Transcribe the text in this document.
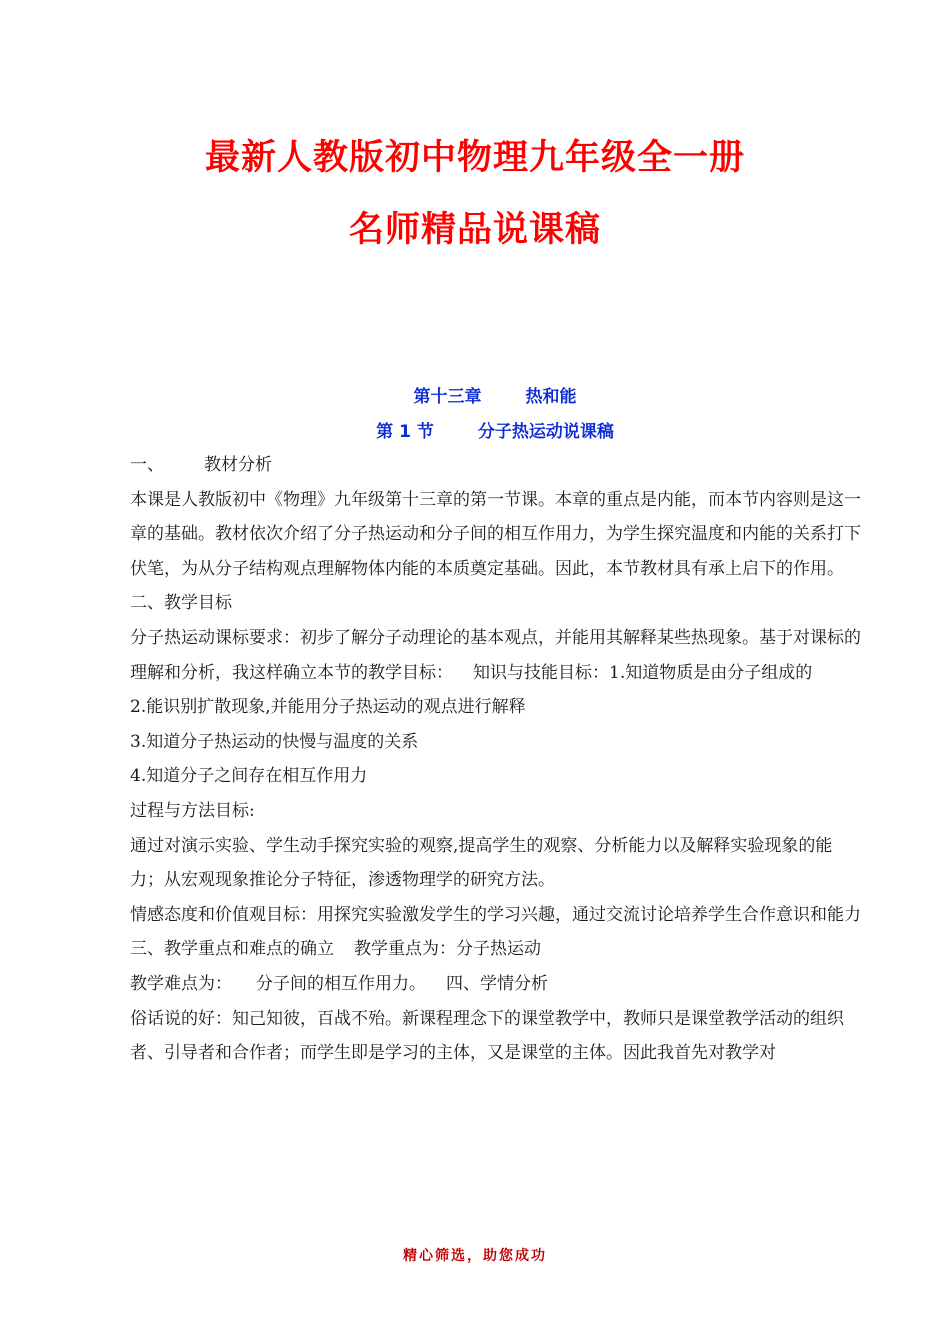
最新人教版初中物理九年级全一册
名师精品说课稿
第十三章	热和能
第 1 节	分子热运动说课稿

一、 教材分析

本课是人教版初中《物理》九年级第十三章的第一节课。本章的重点是内能，而本节内容则是这一章的基础。教材依次介绍了分子热运动和分子间的相互作用力，为学生探究温度和内能的关系打下伏笔，为从分子结构观点理解物体内能的本质奠定基础。因此，本节教材具有承上启下的作用。

二、教学目标

分子热运动课标要求：初步了解分子动理论的基本观点，并能用其解释某些热现象。基于对课标的理解和分析，我这样确立本节的教学目标： 知识与技能目标：1.知道物质是由分子组成的

2.能识别扩散现象,并能用分子热运动的观点进行解释

3.知道分子热运动的快慢与温度的关系

4.知道分子之间存在相互作用力

过程与方法目标:

通过对演示实验、学生动手探究实验的观察,提高学生的观察、分析能力以及解释实验现象的能力；从宏观现象推论分子特征，渗透物理学的研究方法。

情感态度和价值观目标：用探究实验激发学生的学习兴趣，通过交流讨论培养学生合作意识和能力

三、教学重点和难点的确立 教学重点为：分子热运动

教学难点为： 分子间的相互作用力。 四、学情分析

俗话说的好：知己知彼，百战不殆。新课程理念下的课堂教学中，教师只是课堂教学活动的组织者、引导者和合作者；而学生即是学习的主体，又是课堂的主体。因此我首先对教学对

精心筛选，助您成功
